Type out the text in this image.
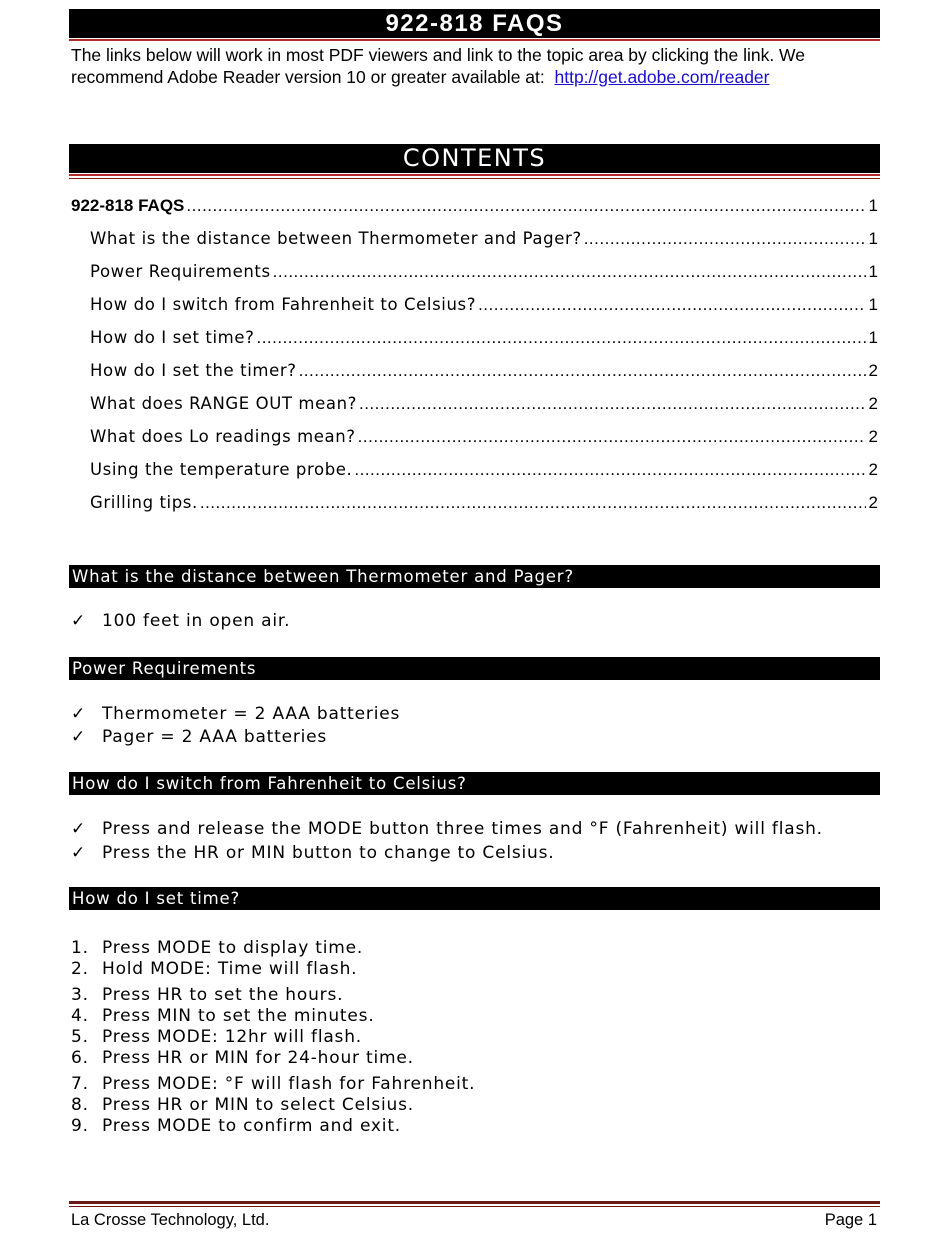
922-818 FAQS
The links below will work in most PDF viewers and link to the topic area by clicking the link. We
recommend Adobe Reader version 10 or greater available at: http://get.adobe.com/reader
CONTENTS
922-818 FAQS .....	1
What is the distance between Thermometer and Pager? .....	1
Power Requirements .....	1
How do I switch from Fahrenheit to Celsius? .....	1
How do I set time? .....	1
How do I set the timer? .....	2
What does RANGE OUT mean? .....	2
What does Lo readings mean? .....	2
Using the temperature probe. .....	2
Grilling tips. .....	2
What is the distance between Thermometer and Pager?
✓ 100 feet in open air.
Power Requirements
✓ Thermometer = 2 AAA batteries
✓ Pager = 2 AAA batteries
How do I switch from Fahrenheit to Celsius?
✓ Press and release the MODE button three times and °F (Fahrenheit) will flash.
✓ Press the HR or MIN button to change to Celsius.
How do I set time?
1. Press MODE to display time.
2. Hold MODE: Time will flash.
3. Press HR to set the hours.
4. Press MIN to set the minutes.
5. Press MODE: 12hr will flash.
6. Press HR or MIN for 24-hour time.
7. Press MODE: °F will flash for Fahrenheit.
8. Press HR or MIN to select Celsius.
9. Press MODE to confirm and exit.
La Crosse Technology, Ltd.	Page 1
